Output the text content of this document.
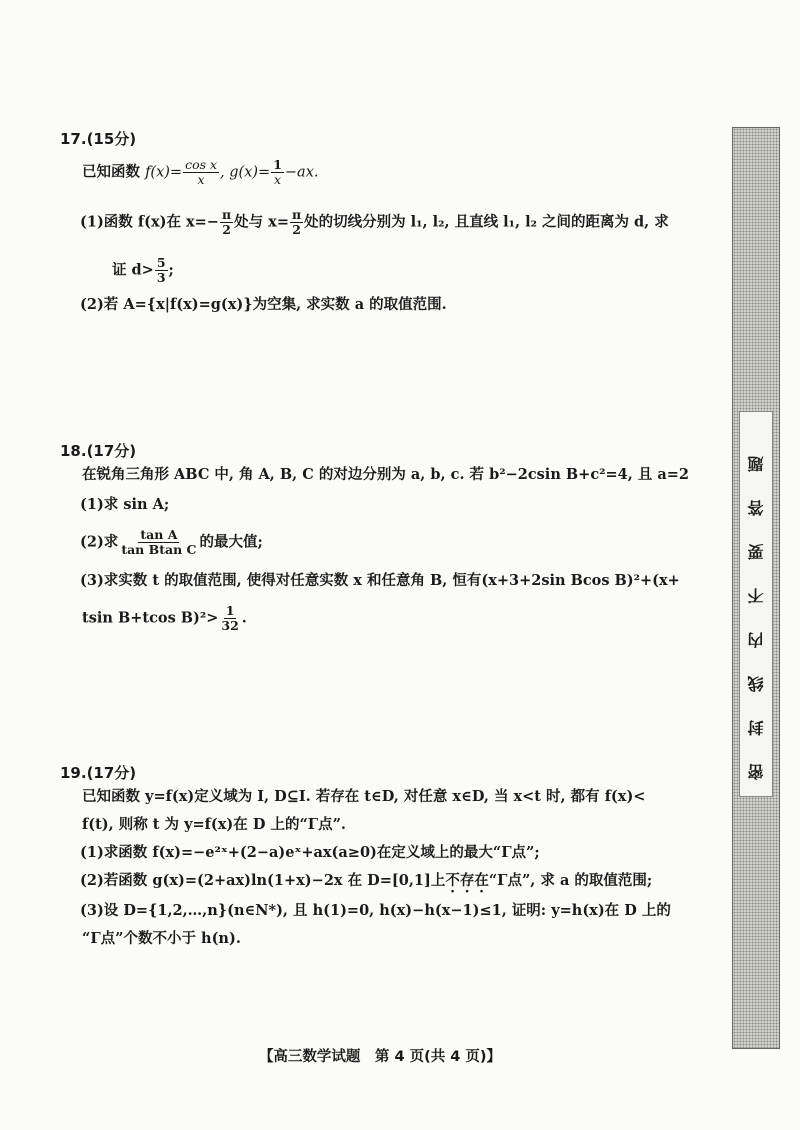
17.(15分)
已知函数 $f(x)= \frac{\text{cos x}}{x}$ , $g(x)= \frac{1}{x} -ax$.
(1)函数 f(x)在 $x=- \frac{\pi}{2}$ 处与 $x= \frac{\pi}{2}$ 处的切线分别为 l₁, l₂, 且直线 l₁, l₂ 之间的距离为 d, 求
证 $d> \frac{5}{3}$ ;
(2)若 A={x|f(x)=g(x)}为空集, 求实数 a 的取值范围.
18.(17分)
在锐角三角形 ABC 中, 角 A, B, C 的对边分别为 a, b, c. 若 b²−2csin B+c²=4, 且 a=2
(1)求 sin A;
(2)求 $\frac{\text{tan A}}{\text{tan Btan C}}$ 的最大值;
(3)求实数 t 的取值范围, 使得对任意实数 x 和任意角 B, 恒有(x+3+2sin Bcos B)²+(x+
tsin B+tcos $B)^2> \frac{1}{32}$ .
19.(17分)
已知函数 y=f(x)定义域为 I, D⊆I. 若存在 t∈D, 对任意 x∈D, 当 x<t 时, 都有 f(x)<
f(t), 则称 t 为 y=f(x)在 D 上的“Γ点”.
(1)求函数 f(x)=−e²ˣ+(2−a)eˣ+ax(a≥0)在定义域上的最大“Γ点”;
(2)若函数 g(x)=(2+ax)ln(1+x)−2x 在 D=[0,1]上不存在“Γ点”, 求 a 的取值范围;
(3)设 D={1,2,…,n}(n∈N*), 且 h(1)=0, h(x)−h(x−1)≤1, 证明: y=h(x)在 D 上的
“Γ点”个数不小于 h(n).
密封线内不要答题
【高三数学试题　第 4 页(共 4 页)】
